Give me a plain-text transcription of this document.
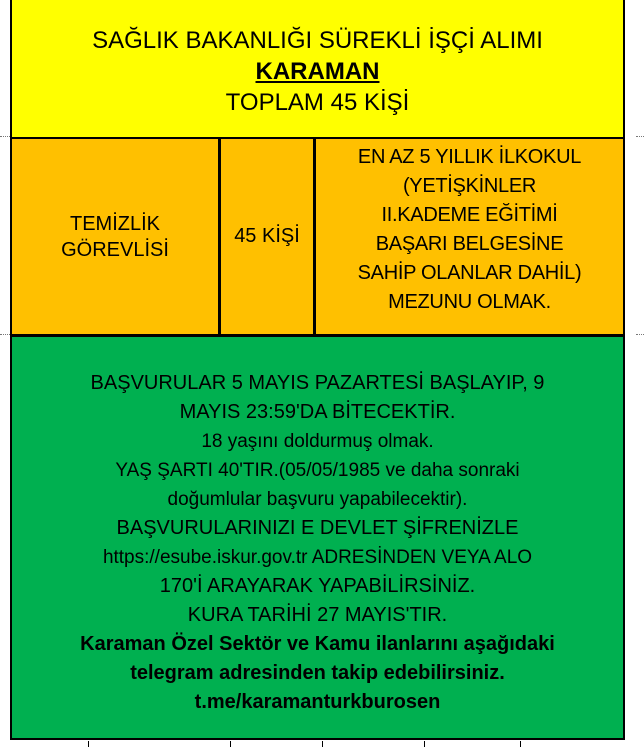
SAĞLIK BAKANLIĞI SÜREKLİ İŞÇİ ALIMI
KARAMAN
TOPLAM 45 KİŞİ
TEMİZLİK
GÖREVLİSİ
45 KİŞİ
EN AZ 5 YILLIK İLKOKUL
(YETİŞKİNLER
II.KADEME EĞİTİMİ
BAŞARI BELGESİNE
SAHİP OLANLAR DAHİL)
MEZUNU OLMAK.
BAŞVURULAR 5 MAYIS PAZARTESİ BAŞLAYIP, 9
MAYIS 23:59'DA BİTECEKTİR.
18 yaşını doldurmuş olmak.
YAŞ ŞARTI 40'TIR.(05/05/1985 ve daha sonraki
doğumlular başvuru yapabilecektir).
BAŞVURULARINIZI E DEVLET ŞİFRENİZLE
https://esube.iskur.gov.tr ADRESİNDEN VEYA ALO
170'İ ARAYARAK YAPABİLİRSİNİZ.
KURA TARİHİ 27 MAYIS'TIR.
Karaman Özel Sektör ve Kamu ilanlarını aşağıdaki
telegram adresinden takip edebilirsiniz.
t.me/karamanturkburosen
